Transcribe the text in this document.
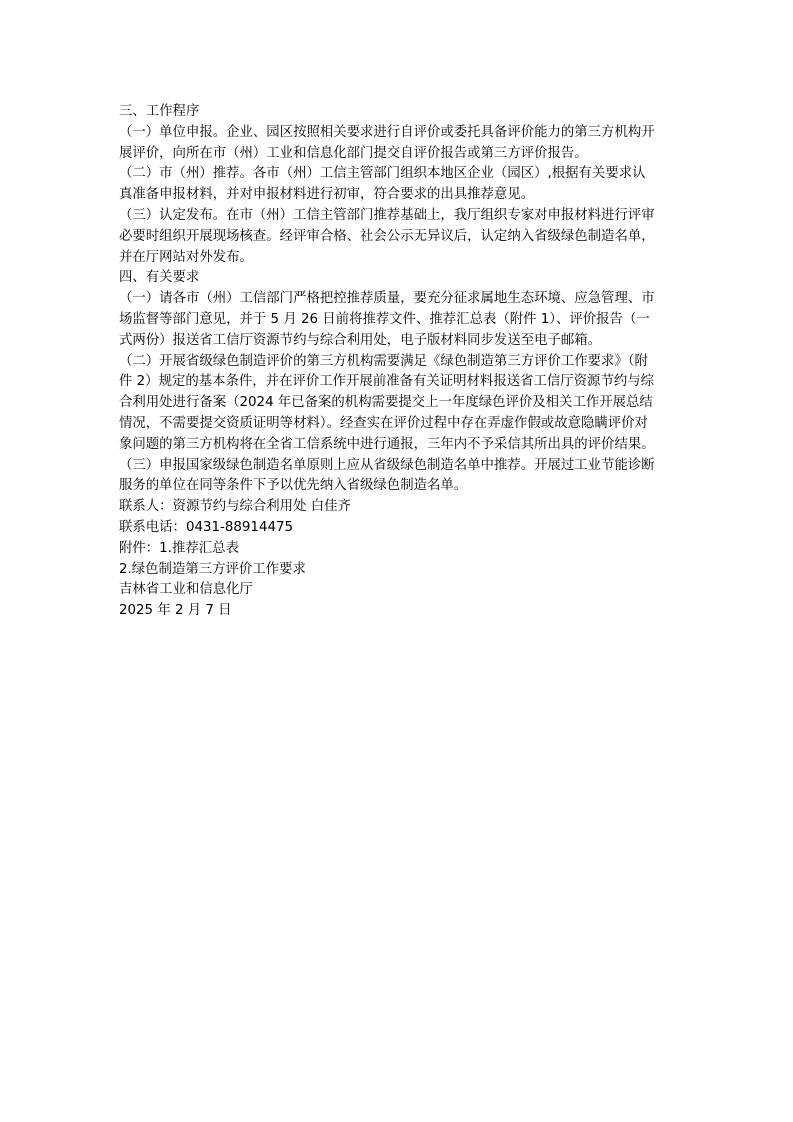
三、工作程序

（一）单位申报。企业、园区按照相关要求进行自评价或委托具备评价能力的第三方机构开

展评价，向所在市（州）工业和信息化部门提交自评价报告或第三方评价报告。

（二）市（州）推荐。各市（州）工信主管部门组织本地区企业（园区）,根据有关要求认

真准备申报材料，并对申报材料进行初审，符合要求的出具推荐意见。

（三）认定发布。在市（州）工信主管部门推荐基础上，我厅组织专家对申报材料进行评审

必要时组织开展现场核查。经评审合格、社会公示无异议后，认定纳入省级绿色制造名单，

并在厅网站对外发布。

四、有关要求

（一）请各市（州）工信部门严格把控推荐质量，要充分征求属地生态环境、应急管理、市

场监督等部门意见，并于 5 月 26 日前将推荐文件、推荐汇总表（附件 1）、评价报告（一

式两份）报送省工信厅资源节约与综合利用处，电子版材料同步发送至电子邮箱。

（二）开展省级绿色制造评价的第三方机构需要满足《绿色制造第三方评价工作要求》（附

件 2）规定的基本条件，并在评价工作开展前准备有关证明材料报送省工信厅资源节约与综

合利用处进行备案（2024 年已备案的机构需要提交上一年度绿色评价及相关工作开展总结

情况，不需要提交资质证明等材料）。经查实在评价过程中存在弄虚作假或故意隐瞒评价对

象问题的第三方机构将在全省工信系统中进行通报，三年内不予采信其所出具的评价结果。

（三）申报国家级绿色制造名单原则上应从省级绿色制造名单中推荐。开展过工业节能诊断

服务的单位在同等条件下予以优先纳入省级绿色制造名单。

联系人：资源节约与综合利用处 白佳齐

联系电话：0431-88914475

附件：1.推荐汇总表

2.绿色制造第三方评价工作要求

吉林省工业和信息化厅

2025 年 2 月 7 日
